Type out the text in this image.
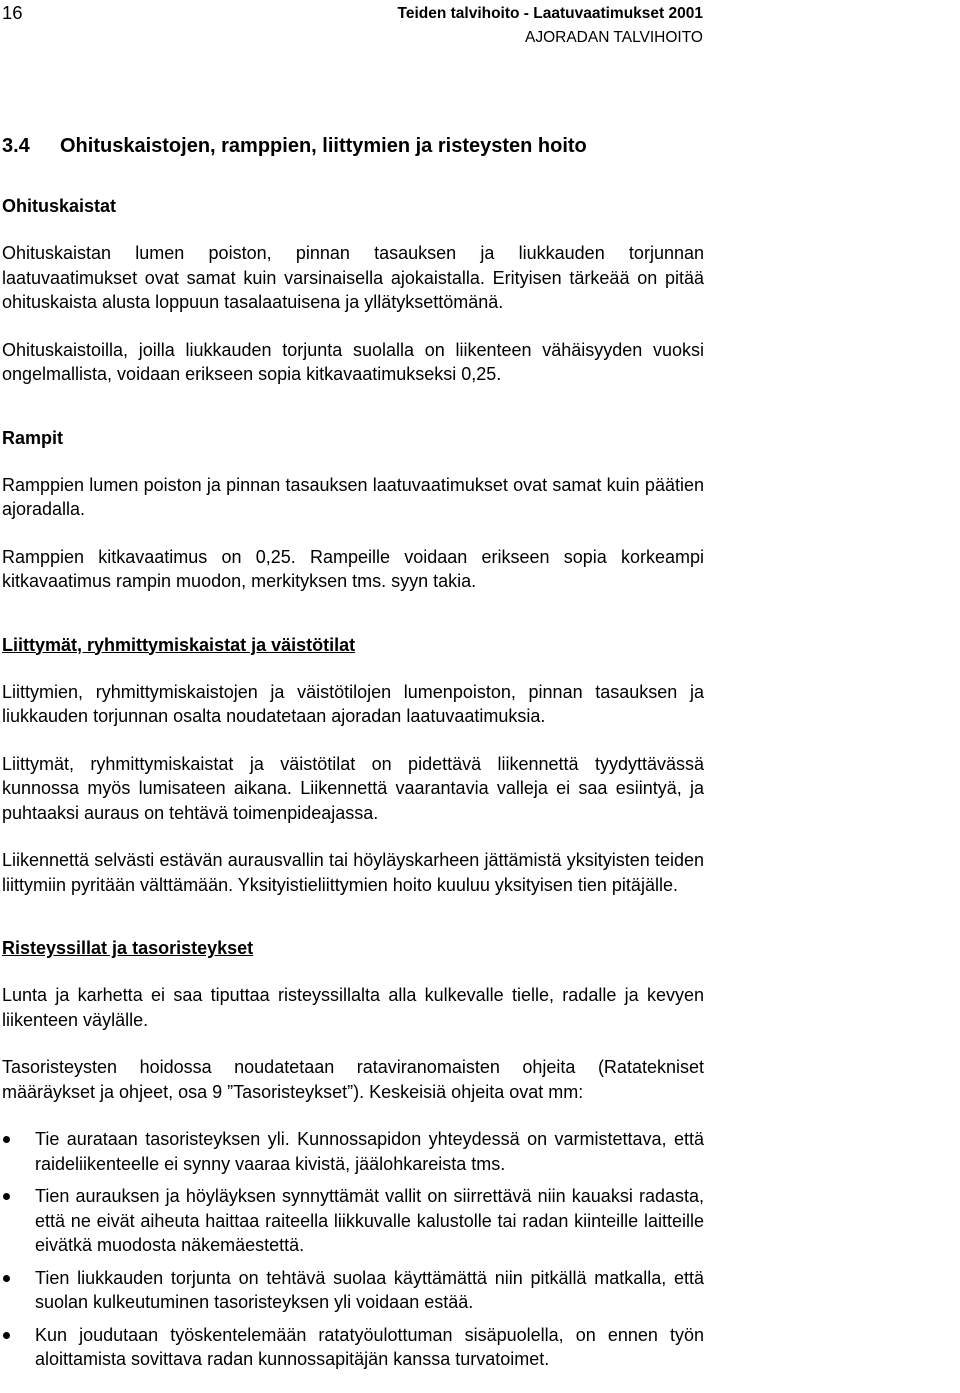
16	Teiden talvihoito - Laatuvaatimukset 2001
AJORADAN TALVIHOITO
3.4 Ohituskaistojen, ramppien, liittymien ja risteysten hoito
Ohituskaistat

Ohituskaistan lumen poiston, pinnan tasauksen ja liukkauden torjunnan laatuvaatimukset ovat samat kuin varsinaisella ajokaistalla. Erityisen tärkeää on pitää ohituskaista alusta loppuun tasalaatuisena ja yllätyksettömänä.

Ohituskaistoilla, joilla liukkauden torjunta suolalla on liikenteen vähäisyyden vuoksi ongelmallista, voidaan erikseen sopia kitkavaatimukseksi 0,25.

Rampit

Ramppien lumen poiston ja pinnan tasauksen laatuvaatimukset ovat samat kuin päätien ajoradalla.

Ramppien kitkavaatimus on 0,25. Rampeille voidaan erikseen sopia korkeampi kitkavaatimus rampin muodon, merkityksen tms. syyn takia.

Liittymät, ryhmittymiskaistat ja väistötilat

Liittymien, ryhmittymiskaistojen ja väistötilojen lumenpoiston, pinnan tasauksen ja liukkauden torjunnan osalta noudatetaan ajoradan laatuvaatimuksia.

Liittymät, ryhmittymiskaistat ja väistötilat on pidettävä liikennettä tyydyttävässä kunnossa myös lumisateen aikana. Liikennettä vaarantavia valleja ei saa esiintyä, ja puhtaaksi auraus on tehtävä toimenpideajassa.

Liikennettä selvästi estävän aurausvallin tai höyläyskarheen jättämistä yksityisten teiden liittymiin pyritään välttämään. Yksityistieliittymien hoito kuuluu yksityisen tien pitäjälle.

Risteyssillat ja tasoristeykset

Lunta ja karhetta ei saa tiputtaa risteyssillalta alla kulkevalle tielle, radalle ja kevyen liikenteen väylälle.

Tasoristeysten hoidossa noudatetaan rataviranomaisten ohjeita (Ratatekniset määräykset ja ohjeet, osa 9 ”Tasoristeykset”). Keskeisiä ohjeita ovat mm:

Tie aurataan tasoristeyksen yli. Kunnossapidon yhteydessä on varmistettava, että raideliikenteelle ei synny vaaraa kivistä, jäälohkareista tms.
Tien aurauksen ja höyläyksen synnyttämät vallit on siirrettävä niin kauaksi radasta, että ne eivät aiheuta haittaa raiteella liikkuvalle kalustolle tai radan kiinteille laitteille eivätkä muodosta näkemäestettä.
Tien liukkauden torjunta on tehtävä suolaa käyttämättä niin pitkällä matkalla, että suolan kulkeutuminen tasoristeyksen yli voidaan estää.
Kun joudutaan työskentelemään ratatyöulottuman sisäpuolella, on ennen työn aloittamista sovittava radan kunnossapitäjän kanssa turvatoimet.
